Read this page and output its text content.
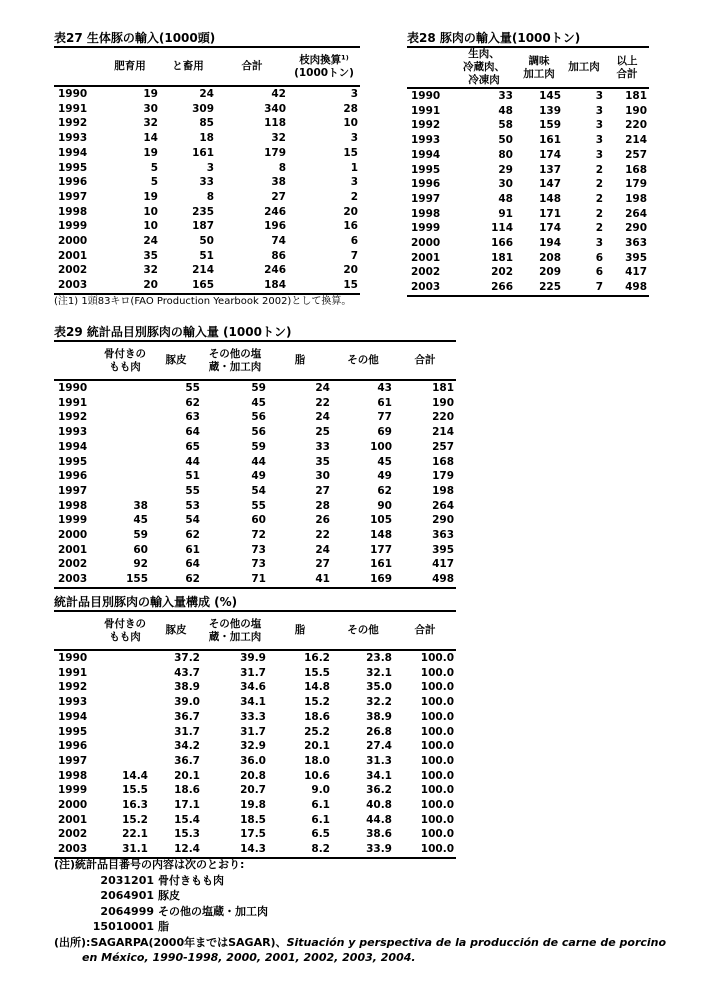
表27 生体豚の輸入(1000頭)
	肥育用	と畜用	合計	枝肉換算¹⁾
(1000トン)
1990	19	24	42	3
1991	30	309	340	28
1992	32	85	118	10
1993	14	18	32	3
1994	19	161	179	15
1995	5	3	8	1
1996	5	33	38	3
1997	19	8	27	2
1998	10	235	246	20
1999	10	187	196	16
2000	24	50	74	6
2001	35	51	86	7
2002	32	214	246	20
2003	20	165	184	15
(注1) 1頭83キロ(FAO Production Yearbook 2002)として換算。
表28 豚肉の輸入量(1000トン)
	生肉、
冷蔵肉、
冷凍肉	調味
加工肉	加工肉	以上
合計
1990	33	145	3	181
1991	48	139	3	190
1992	58	159	3	220
1993	50	161	3	214
1994	80	174	3	257
1995	29	137	2	168
1996	30	147	2	179
1997	48	148	2	198
1998	91	171	2	264
1999	114	174	2	290
2000	166	194	3	363
2001	181	208	6	395
2002	202	209	6	417
2003	266	225	7	498
表29 統計品目別豚肉の輸入量 (1000トン)
	骨付きの
もも肉	豚皮	その他の塩
蔵・加工肉	脂	その他	合計
1990		55	59	24	43	181
1991		62	45	22	61	190
1992		63	56	24	77	220
1993		64	56	25	69	214
1994		65	59	33	100	257
1995		44	44	35	45	168
1996		51	49	30	49	179
1997		55	54	27	62	198
1998	38	53	55	28	90	264
1999	45	54	60	26	105	290
2000	59	62	72	22	148	363
2001	60	61	73	24	177	395
2002	92	64	73	27	161	417
2003	155	62	71	41	169	498
統計品目別豚肉の輸入量構成 (%)
	骨付きの
もも肉	豚皮	その他の塩
蔵・加工肉	脂	その他	合計
1990		37.2	39.9	16.2	23.8	100.0
1991		43.7	31.7	15.5	32.1	100.0
1992		38.9	34.6	14.8	35.0	100.0
1993		39.0	34.1	15.2	32.2	100.0
1994		36.7	33.3	18.6	38.9	100.0
1995		31.7	31.7	25.2	26.8	100.0
1996		34.2	32.9	20.1	27.4	100.0
1997		36.7	36.0	18.0	31.3	100.0
1998	14.4	20.1	20.8	10.6	34.1	100.0
1999	15.5	18.6	20.7	9.0	36.2	100.0
2000	16.3	17.1	19.8	6.1	40.8	100.0
2001	15.2	15.4	18.5	6.1	44.8	100.0
2002	22.1	15.3	17.5	6.5	38.6	100.0
2003	31.1	12.4	14.3	8.2	33.9	100.0
(注)統計品目番号の内容は次のとおり:
2031201 骨付きもも肉
2064901 豚皮
2064999 その他の塩蔵・加工肉
15010001 脂
(出所):SAGARPA(2000年まではSAGAR)、Situación y perspectiva de la producción de carne de porcino
en México, 1990-1998, 2000, 2001, 2002, 2003, 2004.
